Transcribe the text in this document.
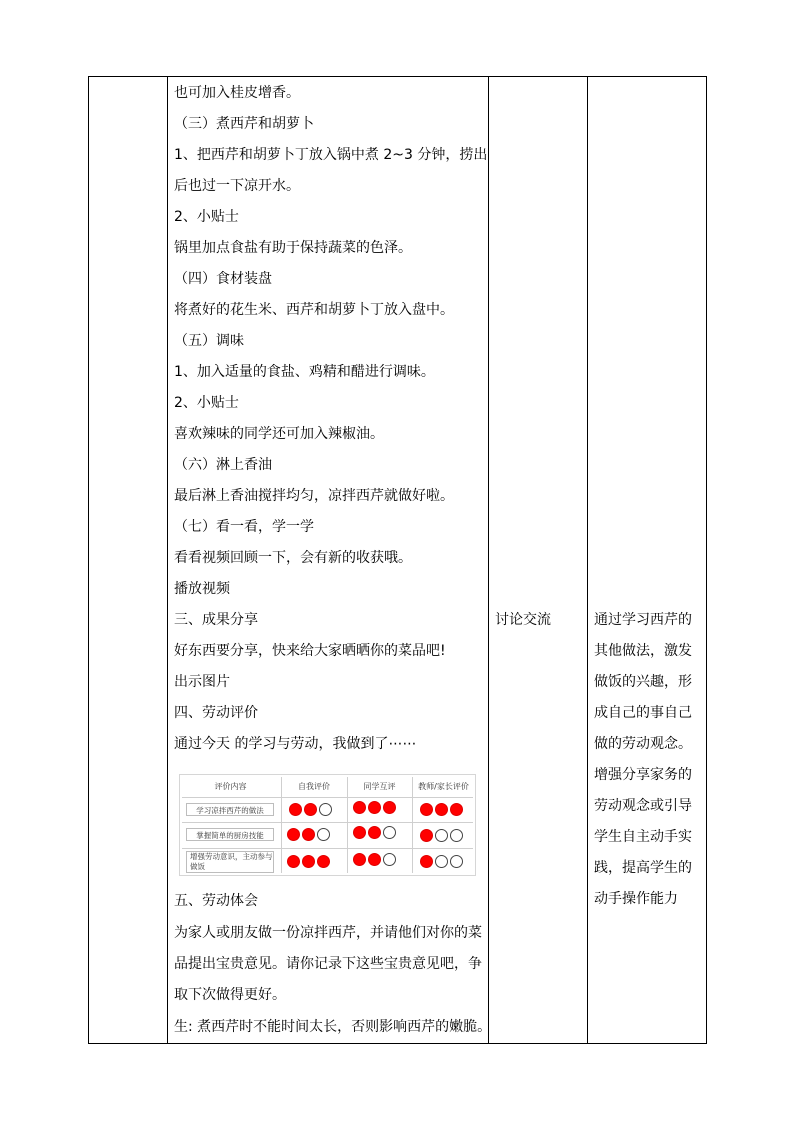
也可加入桂皮增香。
（三）煮西芹和胡萝卜
1、把西芹和胡萝卜丁放入锅中煮 2~3 分钟，捞出
后也过一下凉开水。
2、小贴士
锅里加点食盐有助于保持蔬菜的色泽。
（四）食材装盘
将煮好的花生米、西芹和胡萝卜丁放入盘中。
（五）调味
1、加入适量的食盐、鸡精和醋进行调味。
2、小贴士
喜欢辣味的同学还可加入辣椒油。
（六）淋上香油
最后淋上香油搅拌均匀，凉拌西芹就做好啦。
（七）看一看，学一学
看看视频回顾一下，会有新的收获哦。
播放视频
三、成果分享
好东西要分享，快来给大家晒晒你的菜品吧!
出示图片
四、劳动评价
通过今天 的学习与劳动，我做到了⋯⋯
五、劳动体会
为家人或朋友做一份凉拌西芹，并请他们对你的菜
品提出宝贵意见。请你记录下这些宝贵意见吧，争
取下次做得更好。
生: 煮西芹时不能时间太长，否则影响西芹的嫩脆。
评价内容	自我评价	同学互评	教师/家长评价
学习凉拌西芹的做法
掌握简单的厨房技能
增强劳动意识，主动参与做饭
讨论交流	通过学习西芹的
其他做法，激发
做饭的兴趣，形
成自己的事自己
做的劳动观念。
增强分享家务的
劳动观念或引导
学生自主动手实
践，提高学生的
动手操作能力
